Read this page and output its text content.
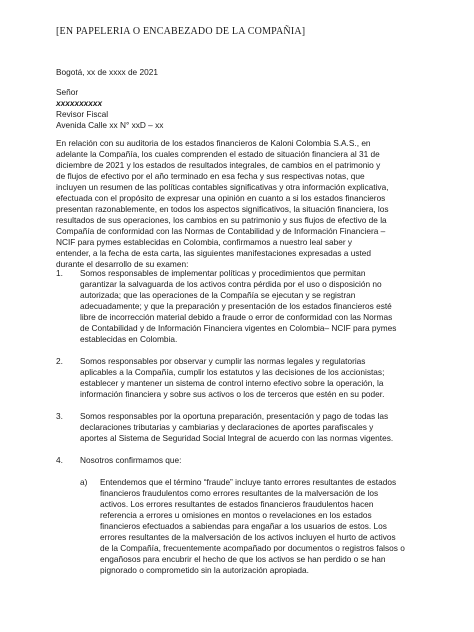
[EN PAPELERIA O ENCABEZADO DE LA COMPAÑIA]
Bogotá, xx de xxxx de 2021
Señor
xxxxxxxxxx
Revisor Fiscal
Avenida Calle xx N° xxD – xx
En relación con su auditoria de los estados financieros de Kaloni Colombia S.A.S., en
adelante la Compañía, los cuales comprenden el estado de situación financiera al 31 de
diciembre de 2021 y los estados de resultados integrales, de cambios en el patrimonio y
de flujos de efectivo por el año terminado en esa fecha y sus respectivas notas, que
incluyen un resumen de las políticas contables significativas y otra información explicativa,
efectuada con el propósito de expresar una opinión en cuanto a si los estados financieros
presentan razonablemente, en todos los aspectos significativos, la situación financiera, los
resultados de sus operaciones, los cambios en su patrimonio y sus flujos de efectivo de la
Compañía de conformidad con las Normas de Contabilidad y de Información Financiera –
NCIF para pymes establecidas en Colombia, confirmamos a nuestro leal saber y
entender, a la fecha de esta carta, las siguientes manifestaciones expresadas a usted
durante el desarrollo de su examen:
1.	Somos responsables de implementar políticas y procedimientos que permitan
garantizar la salvaguarda de los activos contra pérdida por el uso o disposición no
autorizada; que las operaciones de la Compañía se ejecutan y se registran
adecuadamente; y que la preparación y presentación de los estados financieros esté
libre de incorrección material debido a fraude o error de conformidad con las Normas
de Contabilidad y de Información Financiera vigentes en Colombia– NCIF para pymes
establecidas en Colombia.
2.	Somos responsables por observar y cumplir las normas legales y regulatorias
aplicables a la Compañía, cumplir los estatutos y las decisiones de los accionistas;
establecer y mantener un sistema de control interno efectivo sobre la operación, la
información financiera y sobre sus activos o los de terceros que estén en su poder.
3.	Somos responsables por la oportuna preparación, presentación y pago de todas las
declaraciones tributarias y cambiarias y declaraciones de aportes parafiscales y
aportes al Sistema de Seguridad Social Integral de acuerdo con las normas vigentes.
4.	Nosotros confirmamos que:
a)	Entendemos que el término “fraude” incluye tanto errores resultantes de estados
financieros fraudulentos como errores resultantes de la malversación de los
activos. Los errores resultantes de estados financieros fraudulentos hacen
referencia a errores u omisiones en montos o revelaciones en los estados
financieros efectuados a sabiendas para engañar a los usuarios de estos. Los
errores resultantes de la malversación de los activos incluyen el hurto de activos
de la Compañía, frecuentemente acompañado por documentos o registros falsos o
engañosos para encubrir el hecho de que los activos se han perdido o se han
pignorado o comprometido sin la autorización apropiada.
